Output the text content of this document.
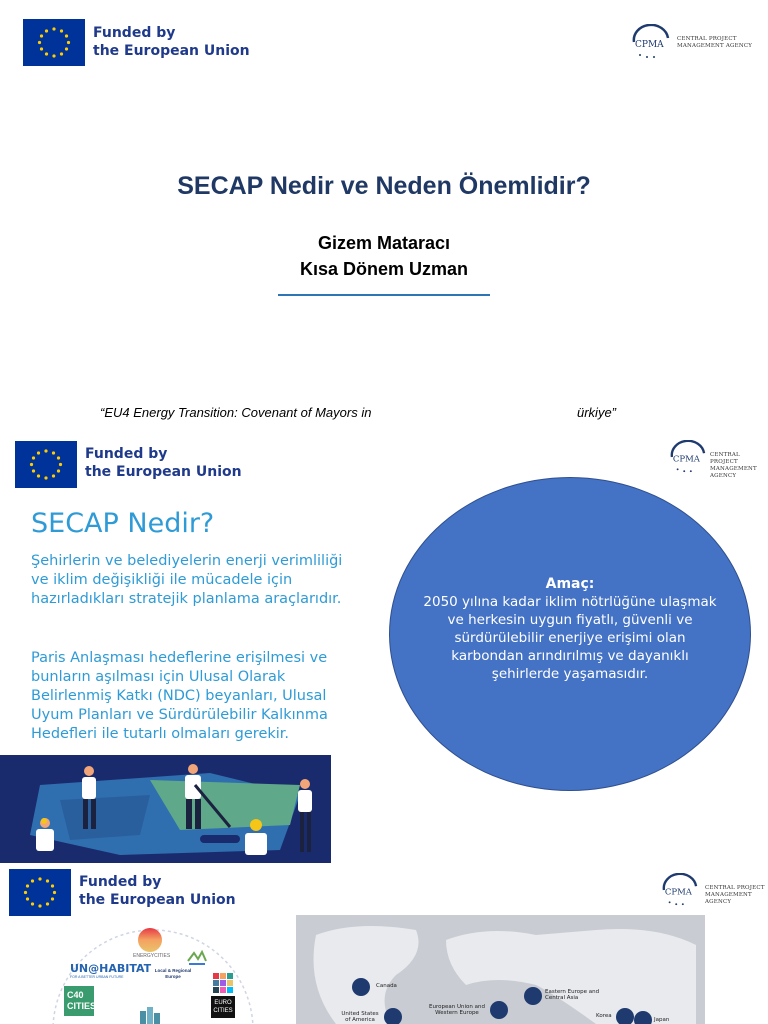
Funded by
the European Union	CPMA
CENTRAL PROJECT
MANAGEMENT AGENCY
SECAP Nedir ve Neden Önemlidir?
Gizem Mataracı
Kısa Dönem Uzman
“EU4 Energy Transition: Covenant of Mayors in	ürkiye”
Funded by
the European Union
CPMA CENTRAL PROJECT
MANAGEMENT AGENCY
SECAP Nedir?
Şehirlerin ve belediyelerin enerji verimliliği ve iklim değişikliği ile mücadele için hazırladıkları stratejik planlama araçlarıdır.
Paris Anlaşması hedeflerine erişilmesi ve bunların aşılması için Ulusal Olarak Belirlenmiş Katkı (NDC) beyanları, Ulusal Uyum Planları ve Sürdürülebilir Kalkınma Hedefleri ile tutarlı olmaları gerekir.
Amaç:
2050 yılına kadar iklim nötrlüğüne ulaşmak ve herkesin uygun fiyatlı, güvenli ve sürdürülebilir enerjiye erişimi olan karbondan arındırılmış ve dayanıklı şehirlerde yaşamasıdır.
Funded by
the European Union	CPMA CENTRAL PROJECT
MANAGEMENT AGENCY
ENERGYCITIES
UN@HABITAT
FOR A BETTER URBAN FUTURE
Local & Regional Europe
C40
CITIES	EURO
CITIES
Canada
United States of America
European Union and Western Europe
Eastern Europe and Central Asia
Korea
Japan
